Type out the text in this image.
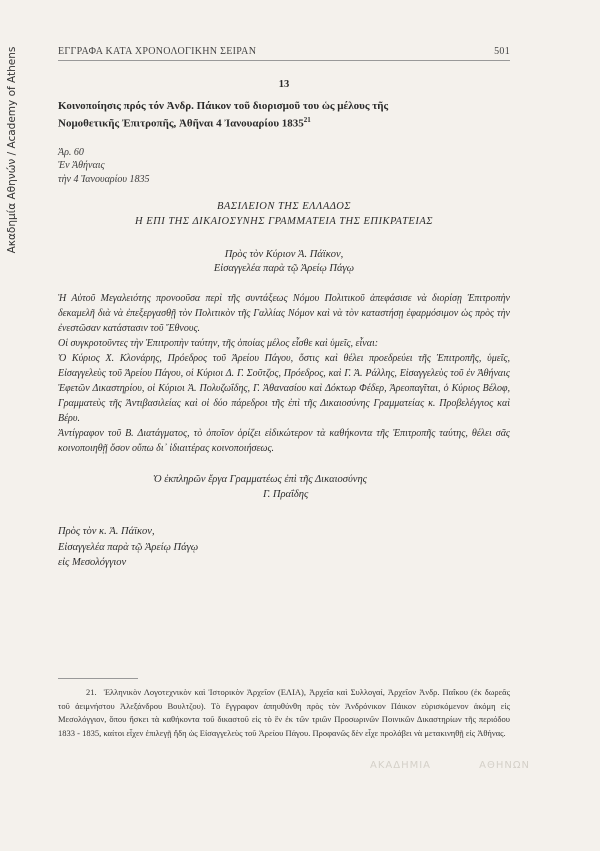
Ακαδημία Αθηνών / Academy of Athens	ΕΓΓΡΑΦΑ ΚΑΤΑ ΧΡΟΝΟΛΟΓΙΚΗΝ ΣΕΙΡΑΝ	501
13
Κοινοποίησις πρός τόν Ἀνδρ. Πάικον τοῦ διορισμοῦ του ὡς μέλους τῆς
Νομοθετικῆς Ἐπιτροπῆς, Ἀθῆναι 4 Ἰανουαρίου 1835$^{21}$
Ἀρ. 60
Ἐν Ἀθήναις
τὴν 4 Ἰανουαρίου 1835
ΒΑΣΙΛΕΙΟΝ ΤΗΣ ΕΛΛΑΔΟΣ
Η ΕΠΙ ΤΗΣ ΔΙΚΑΙΟΣΥΝΗΣ ΓΡΑΜΜΑΤΕΙΑ ΤΗΣ ΕΠΙΚΡΑΤΕΙΑΣ
Πρὸς τὸν Κύριον Ἀ. Πάϊκον,
Εἰσαγγελέα παρὰ τῷ Ἀρείῳ Πάγῳ

Ἡ Αὐτοῦ Μεγαλειότης προνοοῦσα περὶ τῆς συντάξεως Νόμου Πολιτικοῦ ἀπεφάσισε νὰ διορίσῃ Ἐπιτροπὴν δεκαμελῆ διὰ νὰ ἐπεξεργασθῇ τὸν Πολιτικὸν τῆς Γαλλίας Νόμον καὶ νὰ τὸν καταστήσῃ ἐφαρμόσιμον ὡς πρὸς τὴν ἐνεστῶσαν κατάστασιν τοῦ Ἔθνους.

Οἱ συγκροτοῦντες τὴν Ἐπιτροπὴν ταύτην, τῆς ὁποίας μέλος εἶσθε καὶ ὑμεῖς, εἶναι:

Ὁ Κύριος Χ. Κλονάρης, Πρόεδρος τοῦ Ἀρείου Πάγου, ὅστις καὶ θέλει προεδρεύει τῆς Ἐπιτροπῆς, ὑμεῖς, Εἰσαγγελεὺς τοῦ Ἀρείου Πάγου, οἱ Κύριοι Δ. Γ. Σοῦτζος, Πρόεδρος, καὶ Γ. Ἀ. Ράλλης, Εἰσαγγελεὺς τοῦ ἐν Ἀθήναις Ἐφετῶν Δικαστηρίου, οἱ Κύριοι Ἀ. Πολυζωΐδης, Γ. Ἀθανασίου καὶ Δόκτωρ Φέδερ, Ἀρεοπαγῖται, ὁ Κύριος Βέλοφ, Γραμματεὺς τῆς Ἀντιβασιλείας καὶ οἱ δύο πάρεδροι τῆς ἐπὶ τῆς Δικαιοσύνης Γραμματείας κ. Προβελέγγιος καὶ Βέρυ.

Ἀντίγραφον τοῦ Β. Διατάγματος, τὸ ὁποῖον ὁρίζει εἰδικώτερον τὰ καθήκοντα τῆς Ἐπιτροπῆς ταύτης, θέλει σᾶς κοινοποιηθῇ ὅσον οὔπω δι᾽ ἰδιαιτέρας κοινοποιήσεως.

Ὁ ἐκπληρῶν ἔργα Γραμματέως ἐπὶ τῆς Δικαιοσύνης
Γ. Πραΐδης
Πρὸς τὸν κ. Ἀ. Πάϊκον,
Εἰσαγγελέα παρὰ τῷ Ἀρείῳ Πάγῳ
εἰς Μεσολόγγιον
21. Ἑλληνικὸν Λογοτεχνικὸν καὶ Ἱστορικὸν Ἀρχεῖον (ΕΛΙΑ), Ἀρχεῖα καὶ Συλλογαί, Ἀρχεῖον Ἀνδρ. Παΐκου (ἐκ δωρεᾶς τοῦ ἀειμνήστου Ἀλεξάνδρου Βουλτζου). Τὸ ἔγγραφον ἀπηυθύνθη πρὸς τὸν Ἀνδρόνικον Πάικον εὑρισκόμενον ἀκόμη εἰς Μεσολόγγιον, ὅπου ἤσκει τὰ καθήκοντα τοῦ δικαστοῦ εἰς τὸ ἓν ἐκ τῶν τριῶν Προσωρινῶν Ποινικῶν Δικαστηρίων τῆς περιόδου 1833 - 1835, καίτοι εἶχεν ἐπιλεγῇ ἤδη ὡς Εἰσαγγελεὺς τοῦ Ἀρείου Πάγου. Προφανῶς δὲν εἶχε προλάβει νὰ μετακινηθῇ εἰς Ἀθήνας.
ΑΚΑΔΗΜΙΑ	ΑΘΗΝΩΝ
